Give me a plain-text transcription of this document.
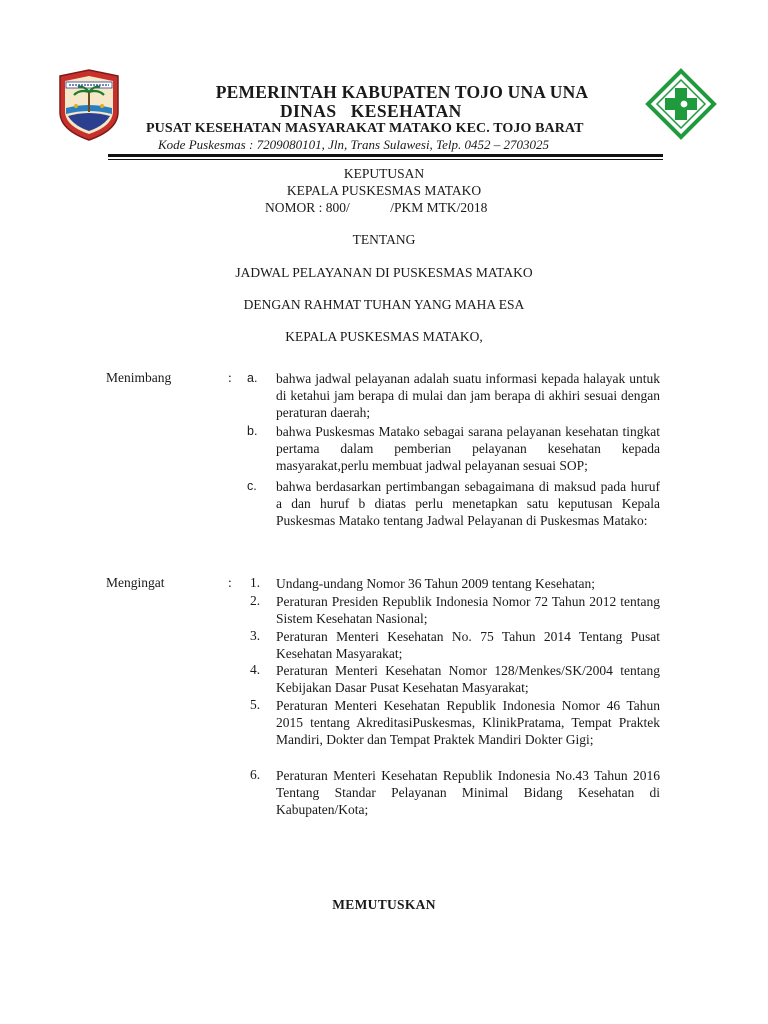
PEMERINTAH KABUPATEN TOJO UNA UNA
DINAS   KESEHATAN
PUSAT KESEHATAN MASYARAKAT MATAKO KEC. TOJO BARAT
Kode Puskesmas : 7209080101, Jln, Trans Sulawesi, Telp. 0452 – 2703025
KEPUTUSAN
KEPALA PUSKESMAS MATAKO
NOMOR : 800/            /PKM MTK/2018
TENTANG
JADWAL PELAYANAN DI PUSKESMAS MATAKO
DENGAN RAHMAT TUHAN YANG MAHA ESA
KEPALA PUSKESMAS MATAKO,
Menimbang	: a. bahwa jadwal pelayanan adalah suatu informasi kepada halayak untuk di ketahui jam berapa di mulai dan jam berapa di akhiri sesuai dengan peraturan daerah;
b. bahwa Puskesmas Matako sebagai sarana pelayanan kesehatan tingkat pertama dalam pemberian pelayanan kesehatan kepada masyarakat,perlu membuat jadwal pelayanan sesuai SOP;
c. bahwa berdasarkan pertimbangan sebagaimana di maksud pada huruf a dan huruf b diatas perlu menetapkan satu keputusan Kepala Puskesmas Matako tentang Jadwal Pelayanan di Puskesmas Matako:
Mengingat	: 1. Undang-undang Nomor 36 Tahun 2009 tentang Kesehatan;
2. Peraturan Presiden Republik Indonesia Nomor 72 Tahun 2012 tentang Sistem Kesehatan Nasional;
3. Peraturan Menteri Kesehatan No. 75 Tahun 2014 Tentang Pusat Kesehatan Masyarakat;
4. Peraturan Menteri Kesehatan Nomor 128/Menkes/SK/2004 tentang Kebijakan Dasar Pusat Kesehatan Masyarakat;
5. Peraturan Menteri Kesehatan Republik Indonesia Nomor 46 Tahun 2015 tentang AkreditasiPuskesmas, KlinikPratama, Tempat Praktek Mandiri, Dokter dan Tempat Praktek Mandiri Dokter Gigi;
6. Peraturan Menteri Kesehatan Republik Indonesia No.43 Tahun 2016 Tentang Standar Pelayanan Minimal Bidang Kesehatan di Kabupaten/Kota;
MEMUTUSKAN
